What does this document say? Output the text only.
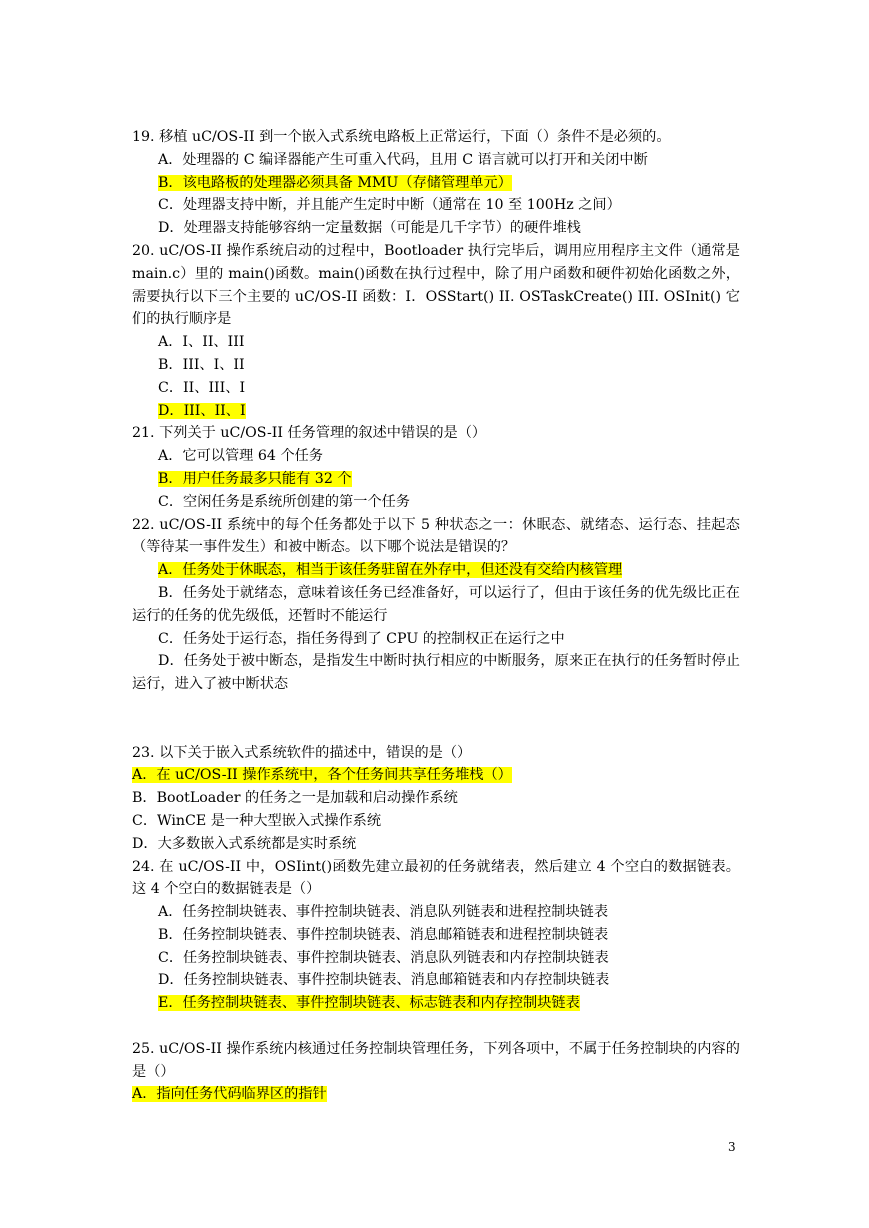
19. 移植 uC/OS-II 到一个嵌入式系统电路板上正常运行，下面（）条件不是必须的。
A．处理器的 C 编译器能产生可重入代码，且用 C 语言就可以打开和关闭中断
B．该电路板的处理器必须具备 MMU（存储管理单元）
C．处理器支持中断，并且能产生定时中断（通常在 10 至 100Hz 之间）
D．处理器支持能够容纳一定量数据（可能是几千字节）的硬件堆栈
20. uC/OS-II 操作系统启动的过程中，Bootloader 执行完毕后，调用应用程序主文件（通常是 main.c）里的 main()函数。main()函数在执行过程中，除了用户函数和硬件初始化函数之外，需要执行以下三个主要的 uC/OS-II 函数：I．OSStart() II. OSTaskCreate() III. OSInit() 它们的执行顺序是
A．I、II、III
B．III、I、II
C．II、III、I
D．III、II、I
21. 下列关于 uC/OS-II 任务管理的叙述中错误的是（）
A．它可以管理 64 个任务
B．用户任务最多只能有 32 个
C．空闲任务是系统所创建的第一个任务
22. uC/OS-II 系统中的每个任务都处于以下 5 种状态之一：休眠态、就绪态、运行态、挂起态（等待某一事件发生）和被中断态。以下哪个说法是错误的？
A．任务处于休眠态，相当于该任务驻留在外存中，但还没有交给内核管理
B．任务处于就绪态，意味着该任务已经准备好，可以运行了，但由于该任务的优先级比正在运行的任务的优先级低，还暂时不能运行
C．任务处于运行态，指任务得到了 CPU 的控制权正在运行之中
D．任务处于被中断态，是指发生中断时执行相应的中断服务，原来正在执行的任务暂时停止运行，进入了被中断状态
23. 以下关于嵌入式系统软件的描述中，错误的是（）
A．在 uC/OS-II 操作系统中，各个任务间共享任务堆栈（）
B．BootLoader 的任务之一是加载和启动操作系统
C．WinCE 是一种大型嵌入式操作系统
D．大多数嵌入式系统都是实时系统
24. 在 uC/OS-II 中，OSIint()函数先建立最初的任务就绪表，然后建立 4 个空白的数据链表。这 4 个空白的数据链表是（）
A．任务控制块链表、事件控制块链表、消息队列链表和进程控制块链表
B．任务控制块链表、事件控制块链表、消息邮箱链表和进程控制块链表
C．任务控制块链表、事件控制块链表、消息队列链表和内存控制块链表
D．任务控制块链表、事件控制块链表、消息邮箱链表和内存控制块链表
E．任务控制块链表、事件控制块链表、标志链表和内存控制块链表
25. uC/OS-II 操作系统内核通过任务控制块管理任务，下列各项中，不属于任务控制块的内容的是（）
A．指向任务代码临界区的指针
3
